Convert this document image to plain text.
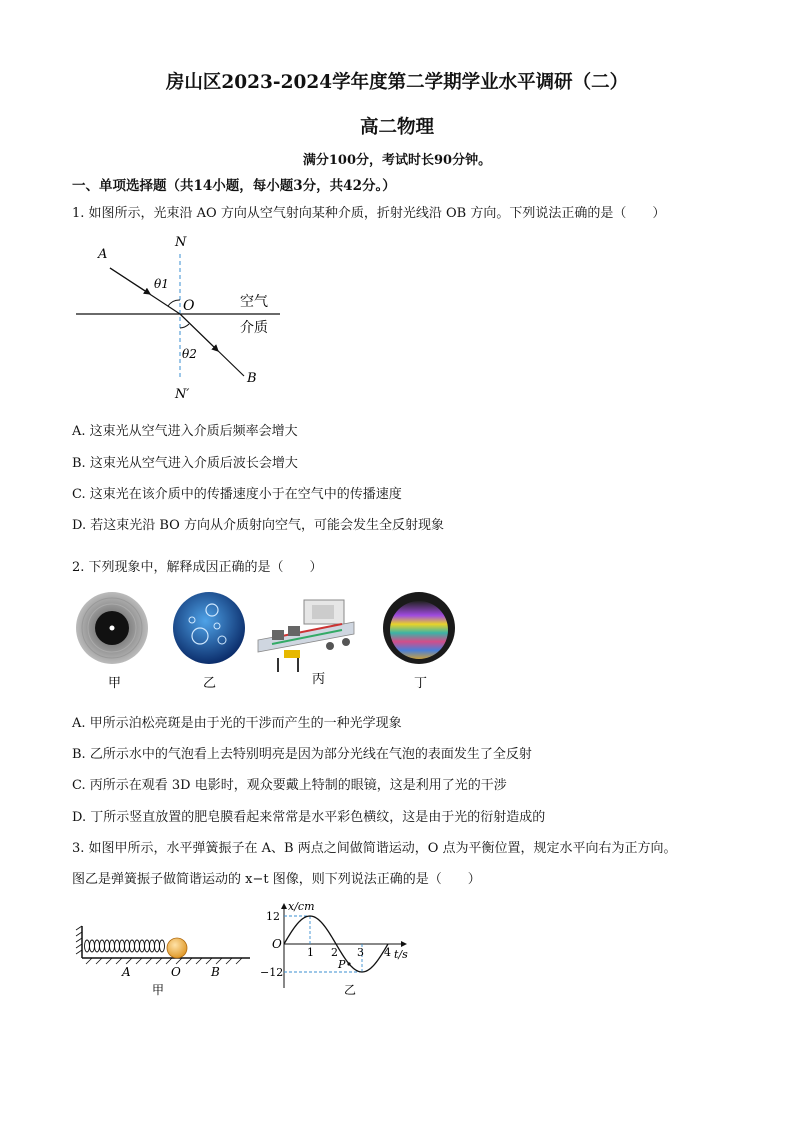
房山区2023-2024学年度第二学期学业水平调研（二）
高二物理
满分100分，考试时长90分钟。
一、单项选择题（共14小题，每小题3分，共42分。）
1. 如图所示，光束沿 AO 方向从空气射向某种介质，折射光线沿 OB 方向。下列说法正确的是（　　）
N
N′
A
B
O
θ1
θ2
空气
介质
A. 这束光从空气进入介质后频率会增大
B. 这束光从空气进入介质后波长会增大
C. 这束光在该介质中的传播速度小于在空气中的传播速度
D. 若这束光沿 BO 方向从介质射向空气，可能会发生全反射现象
2. 下列现象中，解释成因正确的是（　　）
甲	乙	丙	丁
A. 甲所示泊松亮斑是由于光的干涉而产生的一种光学现象
B. 乙所示水中的气泡看上去特别明亮是因为部分光线在气泡的表面发生了全反射
C. 丙所示在观看 3D 电影时，观众要戴上特制的眼镜，这是利用了光的干涉
D. 丁所示竖直放置的肥皂膜看起来常常是水平彩色横纹，这是由于光的衍射造成的
3. 如图甲所示，水平弹簧振子在 A、B 两点之间做简谐运动，O 点为平衡位置，规定水平向右为正方向。
图乙是弹簧振子做简谐运动的 x−t 图像，则下列说法正确的是（　　）
A	O	B
甲
x/cm
t/s
O
P
12
−12
1 2 3 4
乙
